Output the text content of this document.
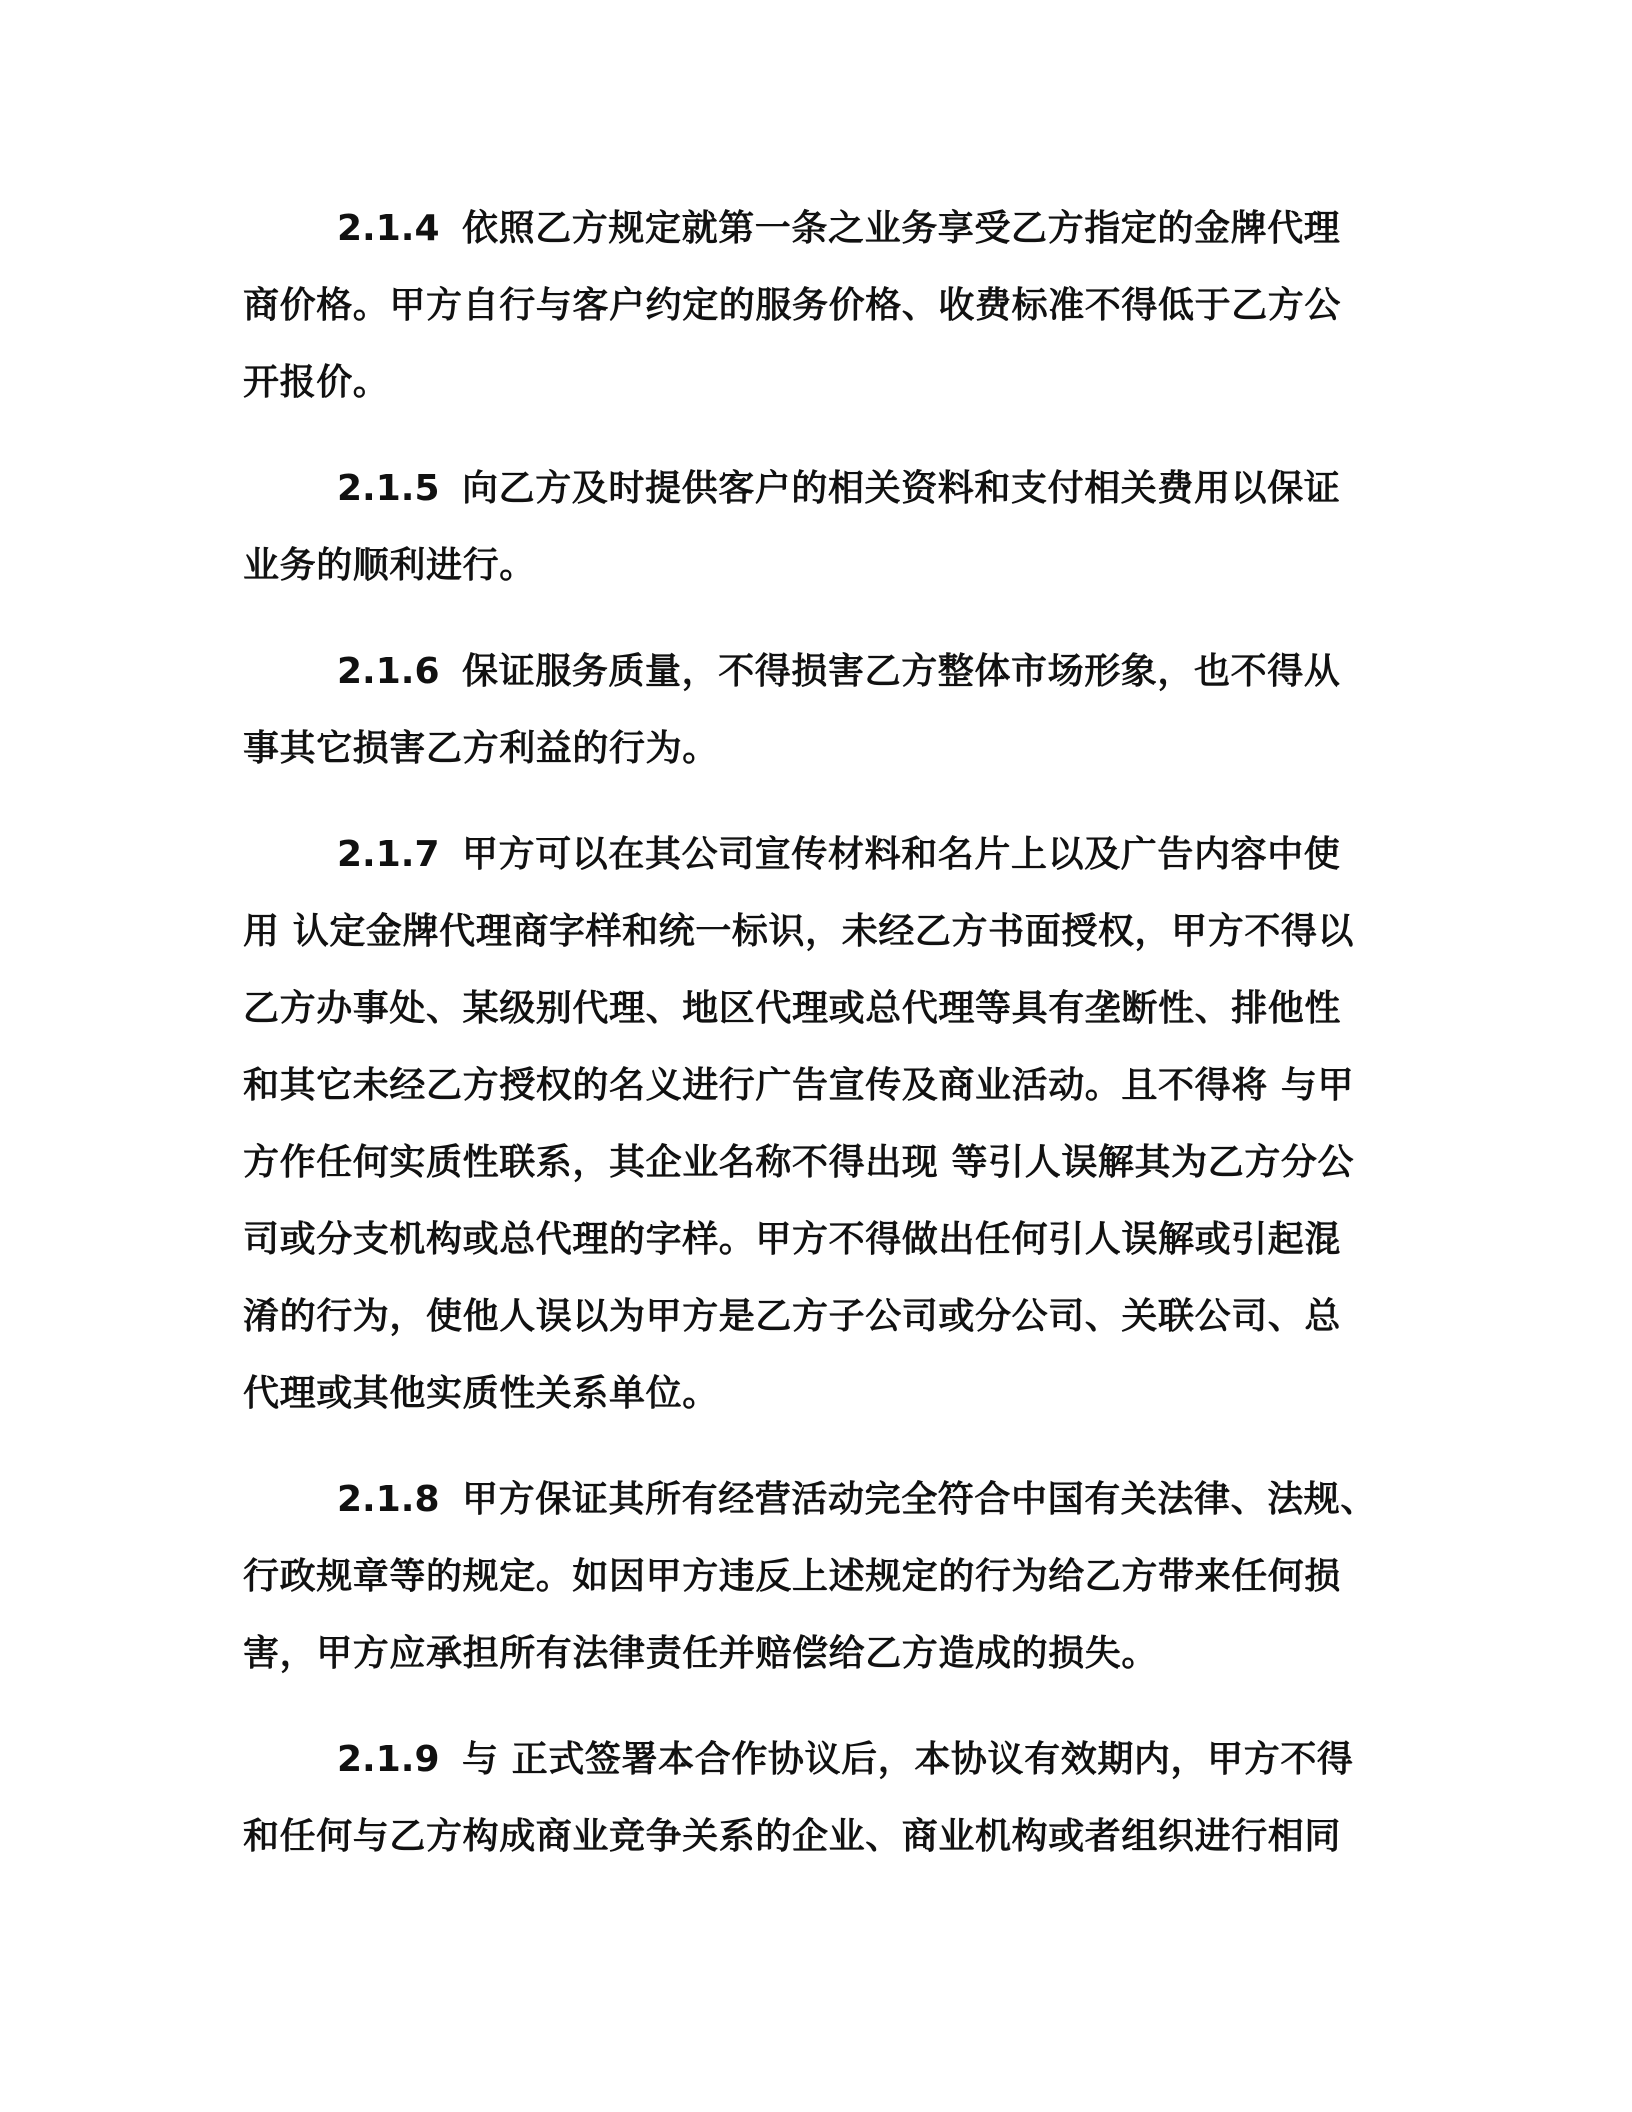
2.1.4 依照乙方规定就第一条之业务享受乙方指定的金牌代理
商价格。甲方自行与客户约定的服务价格、收费标准不得低于乙方公
开报价。
2.1.5 向乙方及时提供客户的相关资料和支付相关费用以保证
业务的顺利进行。
2.1.6 保证服务质量，不得损害乙方整体市场形象，也不得从
事其它损害乙方利益的行为。
2.1.7 甲方可以在其公司宣传材料和名片上以及广告内容中使
用 认定金牌代理商字样和统一标识，未经乙方书面授权，甲方不得以
乙方办事处、某级别代理、地区代理或总代理等具有垄断性、排他性
和其它未经乙方授权的名义进行广告宣传及商业活动。且不得将 与甲
方作任何实质性联系，其企业名称不得出现 等引人误解其为乙方分公
司或分支机构或总代理的字样。甲方不得做出任何引人误解或引起混
淆的行为，使他人误以为甲方是乙方子公司或分公司、关联公司、总
代理或其他实质性关系单位。
2.1.8 甲方保证其所有经营活动完全符合中国有关法律、法规、
行政规章等的规定。如因甲方违反上述规定的行为给乙方带来任何损
害，甲方应承担所有法律责任并赔偿给乙方造成的损失。
2.1.9 与 正式签署本合作协议后，本协议有效期内，甲方不得
和任何与乙方构成商业竞争关系的企业、商业机构或者组织进行相同
